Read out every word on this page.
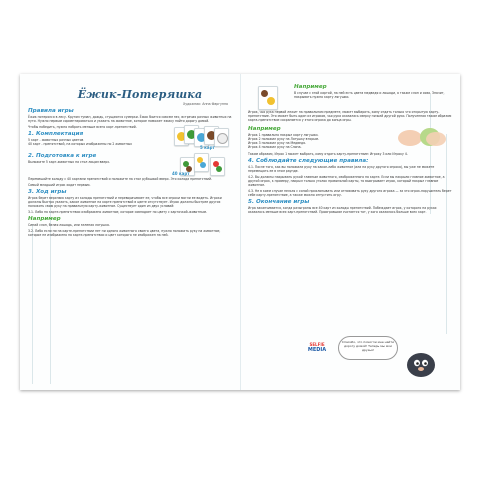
Ёжик-Потеряшка
Художник: Анна Фаргунна
Правила игры
Ёжик потерялся в лесу. Кругом туман, дождь, сгущаются сумерки. Ёжик боится совсем пес, встречая разных животных на пути. Нужно первым сориентироваться и указать на животное, которое поможет ежику найти дорогу домой.
Чтобы победить, нужно набрать меньше всего карт-препятствий.
1. Комплектация
5 карт - животных разных цветов
40 карт - препятствий, на которых изображены по 2 животных
5 карт
2. Подготовка к игре
Выложите 5 карт-животных на стол лицом вверх.
40 карт
Перемешайте колоду с 40 картами препятствий и положите на стол рубашкой вверх. Это колода препятствий.
Самый младший игрок ходит первым.
3. Ход игры
Игрок берет верхнюю карту из колоды препятствий и переворачивает ее, чтобы все игроки могли ее видеть. Игроки должны быстро указать, какое животное на карте препятствий в цвете отсутствует. Игрок должны быстрее других положить свою руку на правильную карту-животное. Существует один из двух условий:
3.1. Либо на карте-препятствии изображено животное, которое совпадает по цвету с карточкой-животным.
Например
Синий слон, белая лошадь, или зеленая лягушка.
3.2. Либо если ни на карте-препятствии нет ни одного животного своего цвета, нужно положить руку на животное, которое не изображено на карте-препятствии и цвет которого не изображен на ней.
Например
В случае с этой картой, на ней есть цвета медведя и лошади, а также слон и сова. Значит, накрывать нужно карту лягушки.
Игрок, чья рука первой лежит на правильном предмете, может выбирать, кому отдать только что открытую карту-препятствие. Это может быть один из игроков, чья рука оказалась сверху ничьей другой руки. Полученная таким образом карта-препятствие сохраняется у этого игрока до конца игры.
Например
Игрок 1 правильно накрыл карту лягушки.
Игрок 2 положил руку на Лягушку вторым.
Игрок 3 положил руку на Медведя.
Игрок 4 положил руку на Слона.
Таким образом, Игрок 1 может выбрать, кому отдать карту-препятствие: Игроку 3 или Игроку 4.
4. Соблюдайте следующие правила:
4.1. После того, как вы положили руку на какое-либо животное (или на руку другого игрока), вы уже не можете перемещать ее в этом раунде.
4.2. Вы должны накрывать рукой главным животного, изображенного на карте. Если вы накрыли главное животное, а другой игрок, к примеру, накрыл только уголок правильной карты, то выигрывает игрок, который накрыл главное животное.
4.3. Не в коем случае нельзя с силой прихлопывать или отпихивать руку другого игрока — за это игрок-нарушитель берет себе карту-препятствие, а также можно отпустить игру.
5. Окончание игры
Игра заканчивается, когда разыграны все 40 карт из колоды препятствий. Побеждает игрок, у которого на руках оказалось меньше всех карт-препятствий. Проигравшим считается тот, у кого оказалось больше всех карт.
SELFIE
MEDIA
Спасибо, что помогли мне найти дорогу домой! Теперь мы мои друзья!
